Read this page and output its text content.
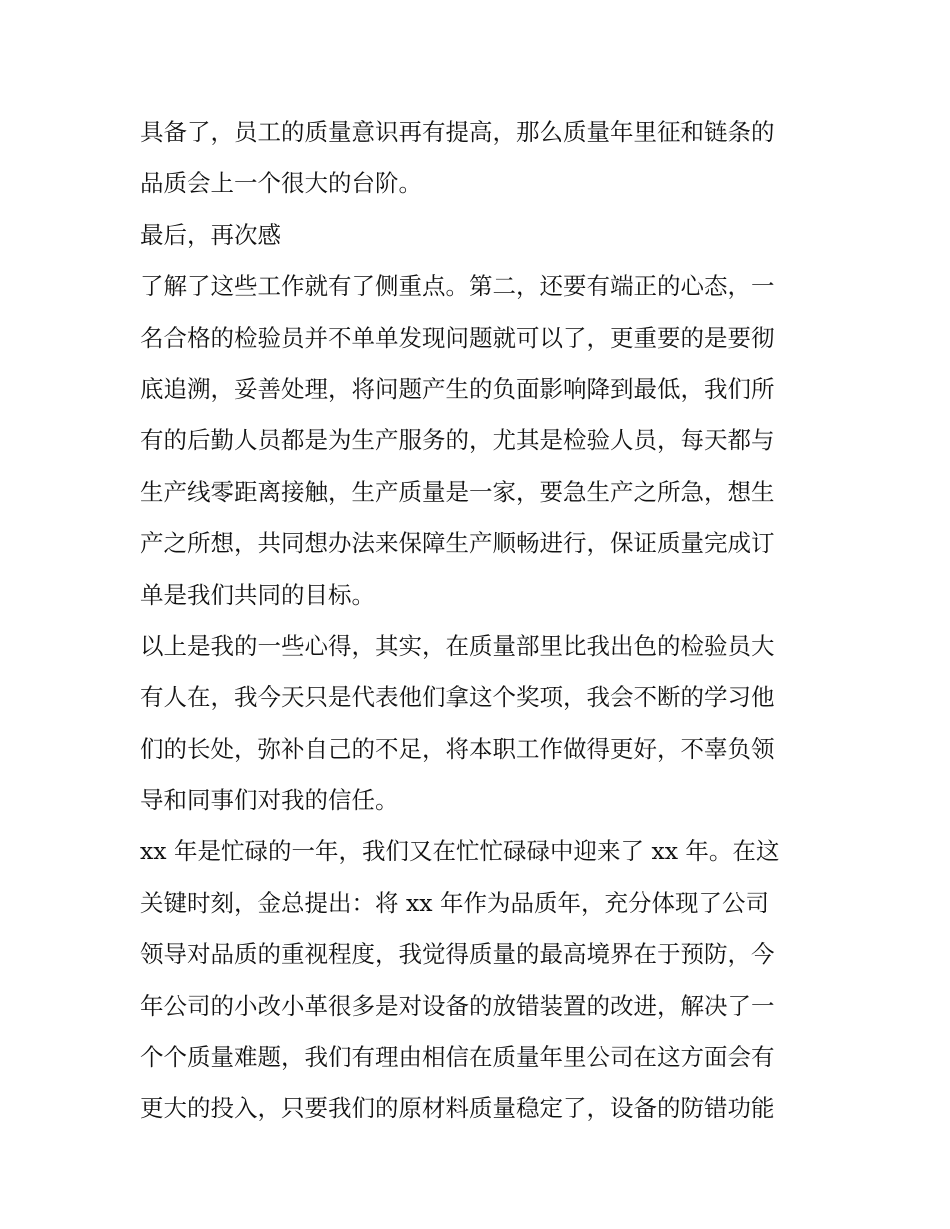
具备了，员工的质量意识再有提高，那么质量年里征和链条的
品质会上一个很大的台阶。
最后，再次感
了解了这些工作就有了侧重点。第二，还要有端正的心态，一
名合格的检验员并不单单发现问题就可以了，更重要的是要彻
底追溯，妥善处理，将问题产生的负面影响降到最低，我们所
有的后勤人员都是为生产服务的，尤其是检验人员，每天都与
生产线零距离接触，生产质量是一家，要急生产之所急，想生
产之所想，共同想办法来保障生产顺畅进行，保证质量完成订
单是我们共同的目标。
以上是我的一些心得，其实，在质量部里比我出色的检验员大
有人在，我今天只是代表他们拿这个奖项，我会不断的学习他
们的长处，弥补自己的不足，将本职工作做得更好，不辜负领
导和同事们对我的信任。
xx 年是忙碌的一年，我们又在忙忙碌碌中迎来了 xx 年。在这
关键时刻，金总提出：将 xx 年作为品质年，充分体现了公司
领导对品质的重视程度，我觉得质量的最高境界在于预防，今
年公司的小改小革很多是对设备的放错装置的改进，解决了一
个个质量难题，我们有理由相信在质量年里公司在这方面会有
更大的投入，只要我们的原材料质量稳定了，设备的防错功能
